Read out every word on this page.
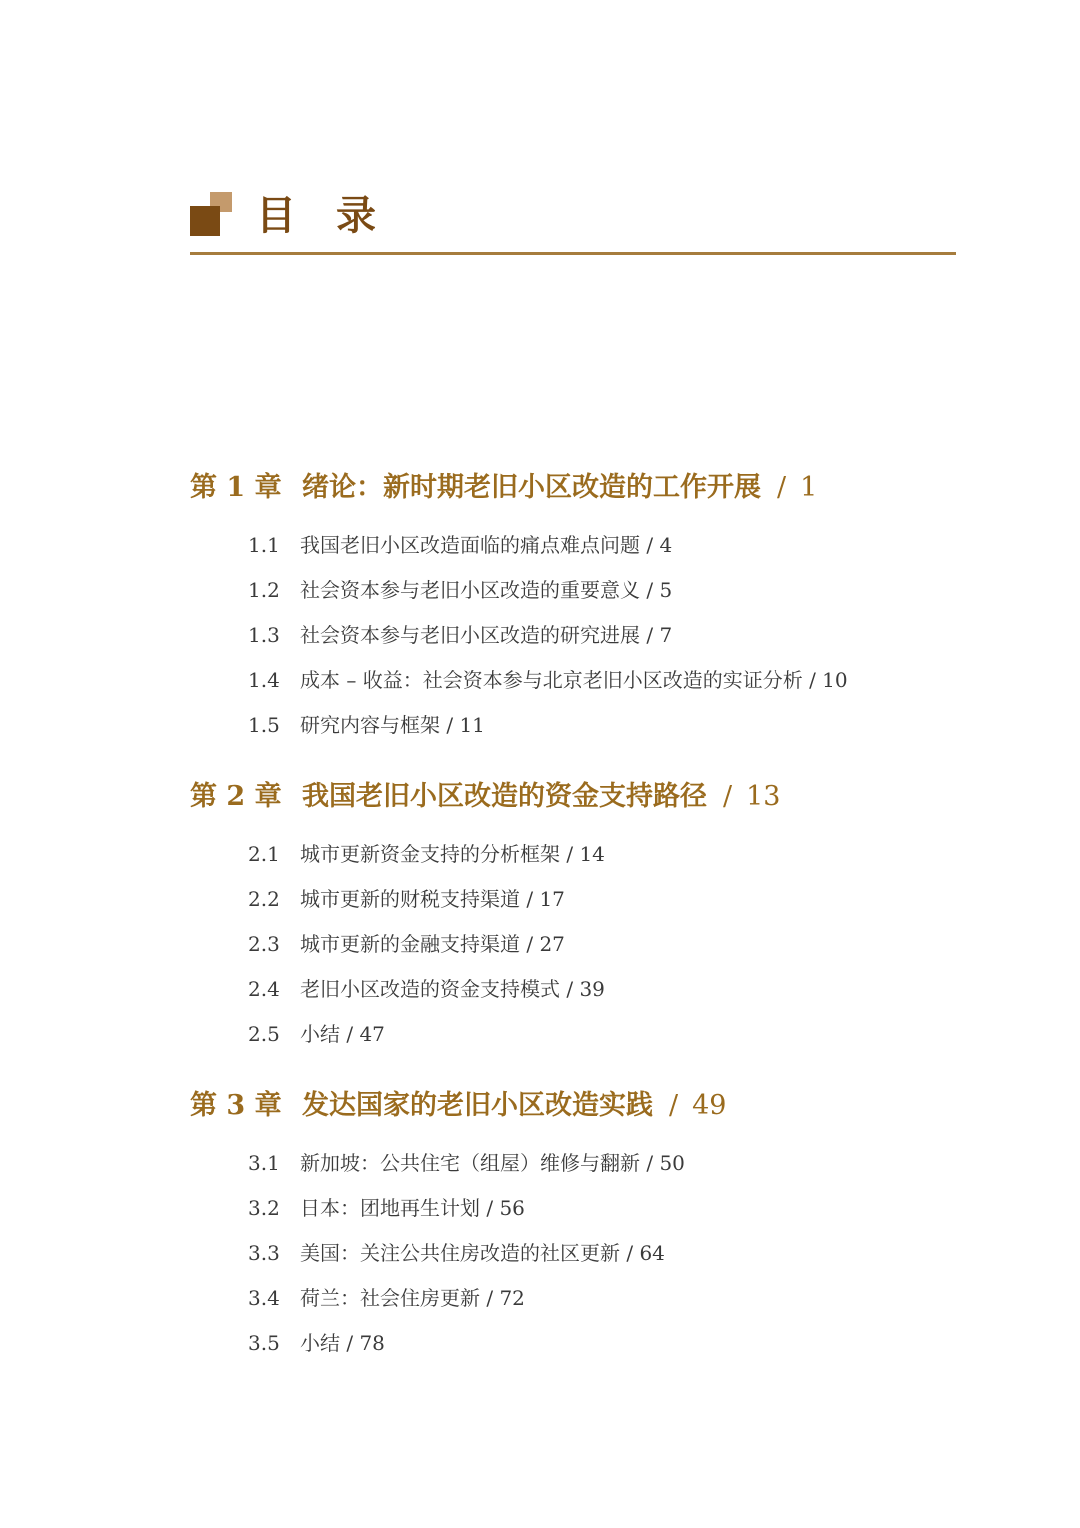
目录
第 1 章 绪论：新时期老旧小区改造的工作开展 / 1
1.1 我国老旧小区改造面临的痛点难点问题 / 4
1.2 社会资本参与老旧小区改造的重要意义 / 5
1.3 社会资本参与老旧小区改造的研究进展 / 7
1.4 成本 – 收益：社会资本参与北京老旧小区改造的实证分析 / 10
1.5 研究内容与框架 / 11
第 2 章 我国老旧小区改造的资金支持路径 / 13
2.1 城市更新资金支持的分析框架 / 14
2.2 城市更新的财税支持渠道 / 17
2.3 城市更新的金融支持渠道 / 27
2.4 老旧小区改造的资金支持模式 / 39
2.5 小结 / 47
第 3 章 发达国家的老旧小区改造实践 / 49
3.1 新加坡：公共住宅（组屋）维修与翻新 / 50
3.2 日本：团地再生计划 / 56
3.3 美国：关注公共住房改造的社区更新 / 64
3.4 荷兰：社会住房更新 / 72
3.5 小结 / 78
